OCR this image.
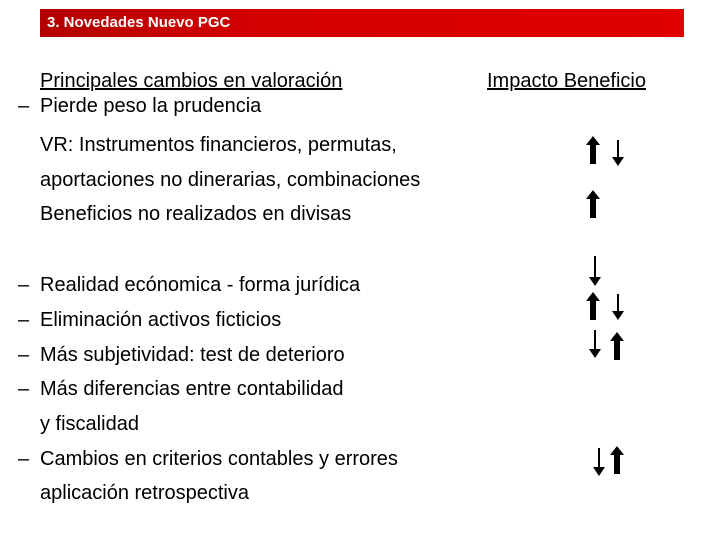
3. Novedades Nuevo PGC
Principales cambios en valoración	Impacto Beneficio
– Pierde peso la prudencia
VR: Instrumentos financieros, permutas,
aportaciones no dinerarias, combinaciones
Beneficios no realizados en divisas
– Realidad ecónomica - forma jurídica
– Eliminación activos ficticios
– Más subjetividad: test de deterioro
– Más diferencias entre contabilidad
y fiscalidad
– Cambios en criterios contables y errores
aplicación retrospectiva
